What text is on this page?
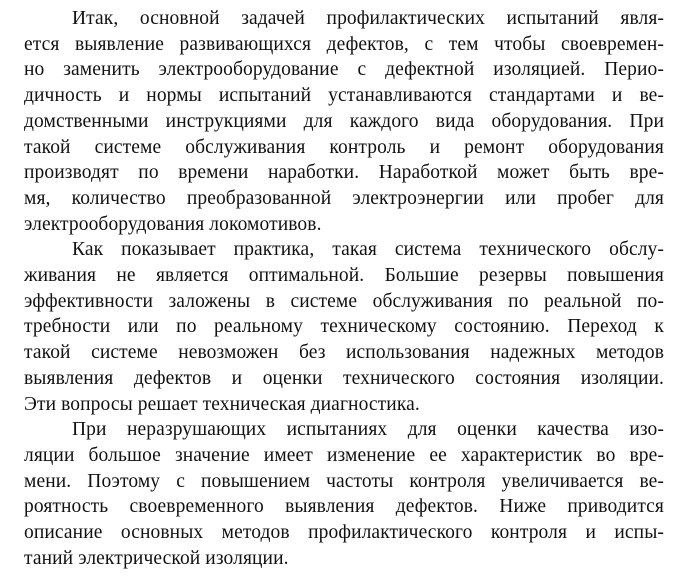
Итак, основной задачей профилактических испытаний явля-
ется выявление развивающихся дефектов, с тем чтобы своевремен-
но заменить электрооборудование с дефектной изоляцией. Перио-
дичность и нормы испытаний устанавливаются стандартами и ве-
домственными инструкциями для каждого вида оборудования. При
такой системе обслуживания контроль и ремонт оборудования
производят по времени наработки. Наработкой может быть вре-
мя, количество преобразованной электроэнергии или пробег для
электрооборудования локомотивов.

Как показывает практика, такая система технического обслу-
живания не является оптимальной. Большие резервы повышения
эффективности заложены в системе обслуживания по реальной по-
требности или по реальному техническому состоянию. Переход к
такой системе невозможен без использования надежных методов
выявления дефектов и оценки технического состояния изоляции.
Эти вопросы решает техническая диагностика.

При неразрушающих испытаниях для оценки качества изо-
ляции большое значение имеет изменение ее характеристик во вре-
мени. Поэтому с повышением частоты контроля увеличивается ве-
роятность своевременного выявления дефектов. Ниже приводится
описание основных методов профилактического контроля и испы-
таний электрической изоляции.
